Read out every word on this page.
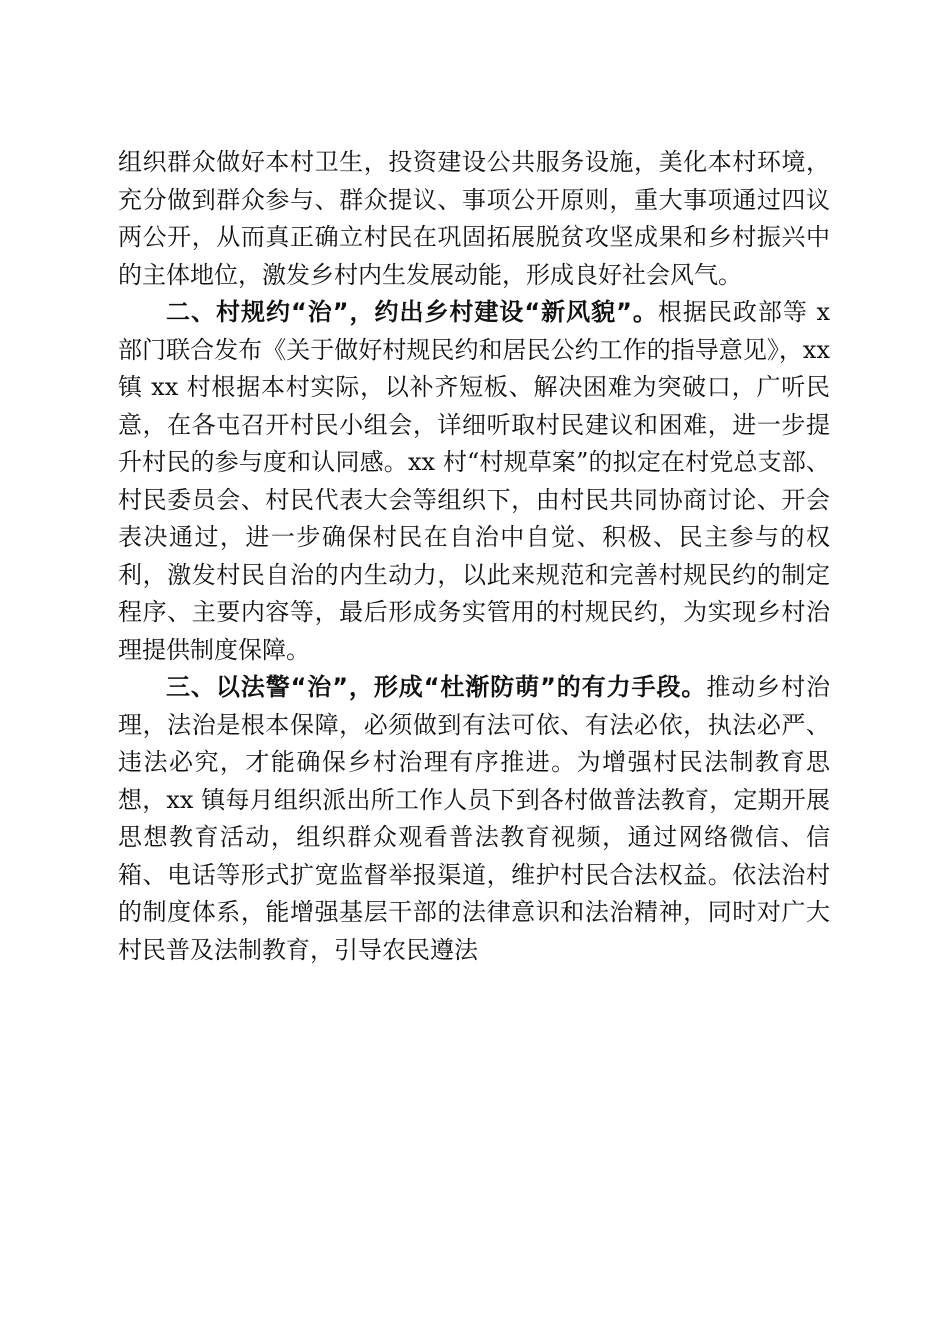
组织群众做好本村卫生，投资建设公共服务设施，美化本村环境，充分做到群众参与、群众提议、事项公开原则，重大事项通过四议两公开，从而真正确立村民在巩固拓展脱贫攻坚成果和乡村振兴中的主体地位，激发乡村内生发展动能，形成良好社会风气。

二、村规约“治”，约出乡村建设“新风貌”。根据民政部等 x 部门联合发布《关于做好村规民约和居民公约工作的指导意见》，xx 镇 xx 村根据本村实际，以补齐短板、解决困难为突破口，广听民意，在各屯召开村民小组会，详细听取村民建议和困难，进一步提升村民的参与度和认同感。xx 村“村规草案”的拟定在村党总支部、村民委员会、村民代表大会等组织下，由村民共同协商讨论、开会表决通过，进一步确保村民在自治中自觉、积极、民主参与的权利，激发村民自治的内生动力，以此来规范和完善村规民约的制定程序、主要内容等，最后形成务实管用的村规民约，为实现乡村治理提供制度保障。

三、以法警“治”，形成“杜渐防萌”的有力手段。推动乡村治理，法治是根本保障，必须做到有法可依、有法必依，执法必严、违法必究，才能确保乡村治理有序推进。为增强村民法制教育思想，xx 镇每月组织派出所工作人员下到各村做普法教育，定期开展思想教育活动，组织群众观看普法教育视频，通过网络微信、信箱、电话等形式扩宽监督举报渠道，维护村民合法权益。依法治村的制度体系，能增强基层干部的法律意识和法治精神，同时对广大村民普及法制教育，引导农民遵法
